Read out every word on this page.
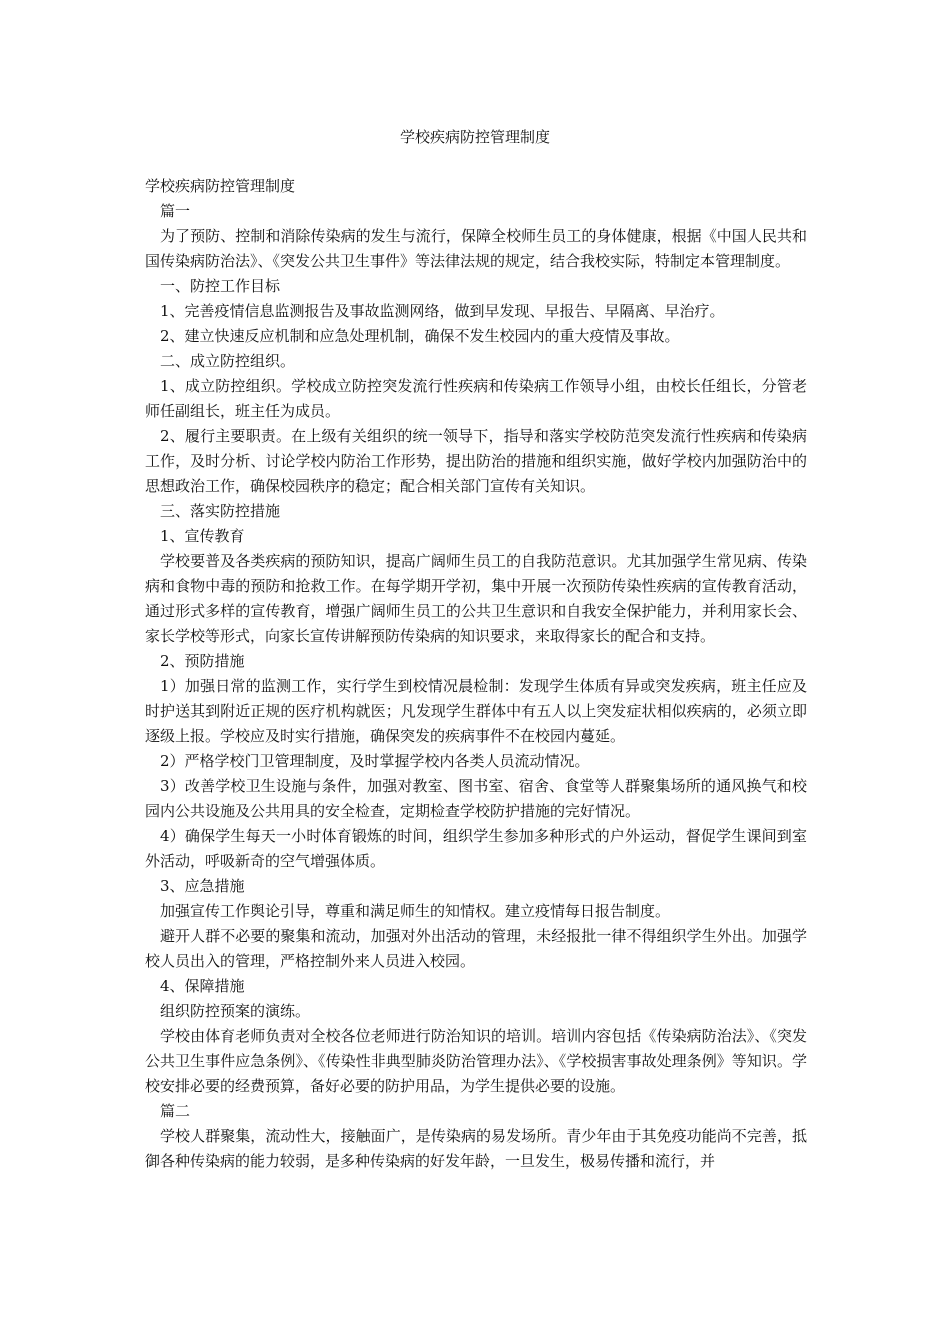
学校疾病防控管理制度

学校疾病防控管理制度

篇一

为了预防、控制和消除传染病的发生与流行，保障全校师生员工的身体健康，根据《中国人民共和国传染病防治法》、《突发公共卫生事件》等法律法规的规定，结合我校实际，特制定本管理制度。

一、防控工作目标

1、完善疫情信息监测报告及事故监测网络，做到早发现、早报告、早隔离、早治疗。

2、建立快速反应机制和应急处理机制，确保不发生校园内的重大疫情及事故。

二、成立防控组织。

1、成立防控组织。学校成立防控突发流行性疾病和传染病工作领导小组，由校长任组长，分管老师任副组长，班主任为成员。

2、履行主要职责。在上级有关组织的统一领导下，指导和落实学校防范突发流行性疾病和传染病工作，及时分析、讨论学校内防治工作形势，提出防治的措施和组织实施，做好学校内加强防治中的思想政治工作，确保校园秩序的稳定；配合相关部门宣传有关知识。

三、落实防控措施

1、宣传教育

学校要普及各类疾病的预防知识，提高广阔师生员工的自我防范意识。尤其加强学生常见病、传染病和食物中毒的预防和抢救工作。在每学期开学初，集中开展一次预防传染性疾病的宣传教育活动，通过形式多样的宣传教育，增强广阔师生员工的公共卫生意识和自我安全保护能力，并利用家长会、家长学校等形式，向家长宣传讲解预防传染病的知识要求，来取得家长的配合和支持。

2、预防措施

1）加强日常的监测工作，实行学生到校情况晨检制：发现学生体质有异或突发疾病，班主任应及时护送其到附近正规的医疗机构就医；凡发现学生群体中有五人以上突发症状相似疾病的，必须立即逐级上报。学校应及时实行措施，确保突发的疾病事件不在校园内蔓延。

2）严格学校门卫管理制度，及时掌握学校内各类人员流动情况。

3）改善学校卫生设施与条件，加强对教室、图书室、宿舍、食堂等人群聚集场所的通风换气和校园内公共设施及公共用具的安全检查，定期检查学校防护措施的完好情况。

4）确保学生每天一小时体育锻炼的时间，组织学生参加多种形式的户外运动，督促学生课间到室外活动，呼吸新奇的空气增强体质。

3、应急措施

加强宣传工作舆论引导，尊重和满足师生的知情权。建立疫情每日报告制度。

避开人群不必要的聚集和流动，加强对外出活动的管理，未经报批一律不得组织学生外出。加强学校人员出入的管理，严格控制外来人员进入校园。

4、保障措施

组织防控预案的演练。

学校由体育老师负责对全校各位老师进行防治知识的培训。培训内容包括《传染病防治法》、《突发公共卫生事件应急条例》、《传染性非典型肺炎防治管理办法》、《学校损害事故处理条例》等知识。学校安排必要的经费预算，备好必要的防护用品，为学生提供必要的设施。

篇二

学校人群聚集，流动性大，接触面广，是传染病的易发场所。青少年由于其免疫功能尚不完善，抵御各种传染病的能力较弱，是多种传染病的好发年龄，一旦发生，极易传播和流行，并
